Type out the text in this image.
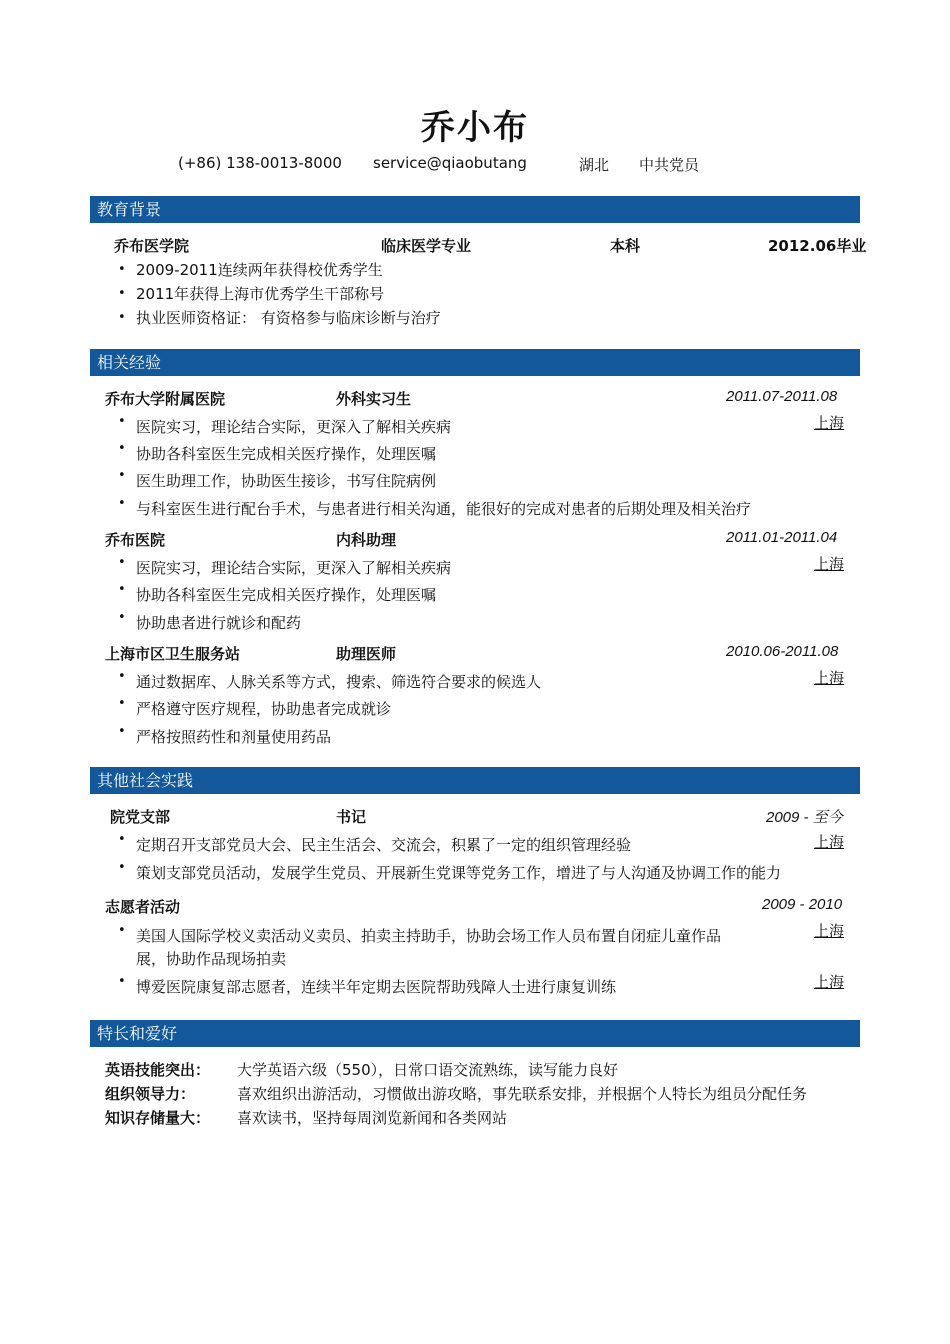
乔小布
(+86) 138-0013-8000 service@qiaobutang	湖北 中共党员
教育背景
乔布医学院	临床医学专业	本科	2012.06毕业
• 2009-2011连续两年获得校优秀学生
• 2011年获得上海市优秀学生干部称号
• 执业医师资格证： 有资格参与临床诊断与治疗
相关经验
乔布大学附属医院	外科实习生	2011.07-2011.08
上海
• 医院实习，理论结合实际，更深入了解相关疾病
• 协助各科室医生完成相关医疗操作，处理医嘱
• 医生助理工作，协助医生接诊，书写住院病例
• 与科室医生进行配台手术，与患者进行相关沟通，能很好的完成对患者的后期处理及相关治疗
乔布医院	内科助理	2011.01-2011.04
上海
• 医院实习，理论结合实际，更深入了解相关疾病
• 协助各科室医生完成相关医疗操作，处理医嘱
• 协助患者进行就诊和配药
上海市区卫生服务站	助理医师	2010.06-2011.08
上海
• 通过数据库、人脉关系等方式，搜索、筛选符合要求的候选人
• 严格遵守医疗规程，协助患者完成就诊
• 严格按照药性和剂量使用药品
其他社会实践
院党支部	书记	2009 - 至今
上海
• 定期召开支部党员大会、民主生活会、交流会，积累了一定的组织管理经验
• 策划支部党员活动，发展学生党员、开展新生党课等党务工作，增进了与人沟通及协调工作的能力
志愿者活动	2009 - 2010
上海
• 美国人国际学校义卖活动义卖员、拍卖主持助手，协助会场工作人员布置自闭症儿童作品
展，协助作品现场拍卖
上海
• 博爱医院康复部志愿者，连续半年定期去医院帮助残障人士进行康复训练
特长和爱好
英语技能突出： 大学英语六级（550），日常口语交流熟练，读写能力良好
组织领导力：	喜欢组织出游活动，习惯做出游攻略，事先联系安排，并根据个人特长为组员分配任务
知识存储量大： 喜欢读书，坚持每周浏览新闻和各类网站
